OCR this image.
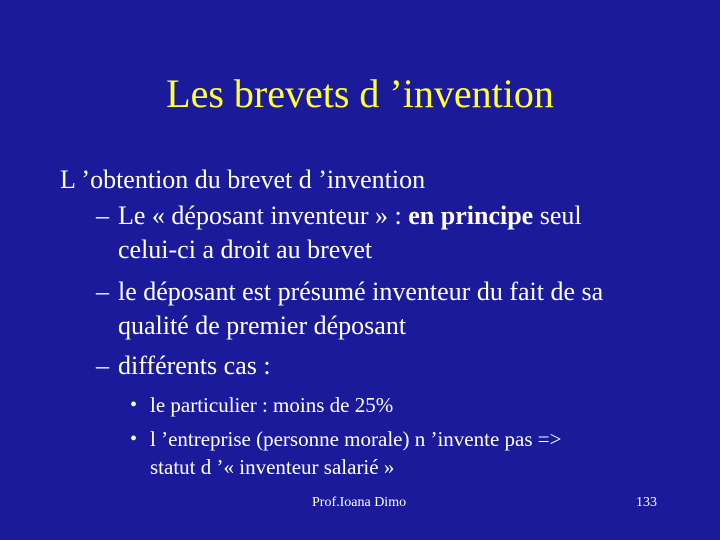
Les brevets d ’invention
L ’obtention du brevet d ’invention
– Le « déposant inventeur » : en principe seul
celui-ci a droit au brevet
– le déposant est présumé inventeur du fait de sa
qualité de premier déposant
– différents cas :
• le particulier : moins de 25%
• l ’entreprise (personne morale) n ’invente pas =>
statut d ’« inventeur salarié »
Prof.Ioana Dimo	133
